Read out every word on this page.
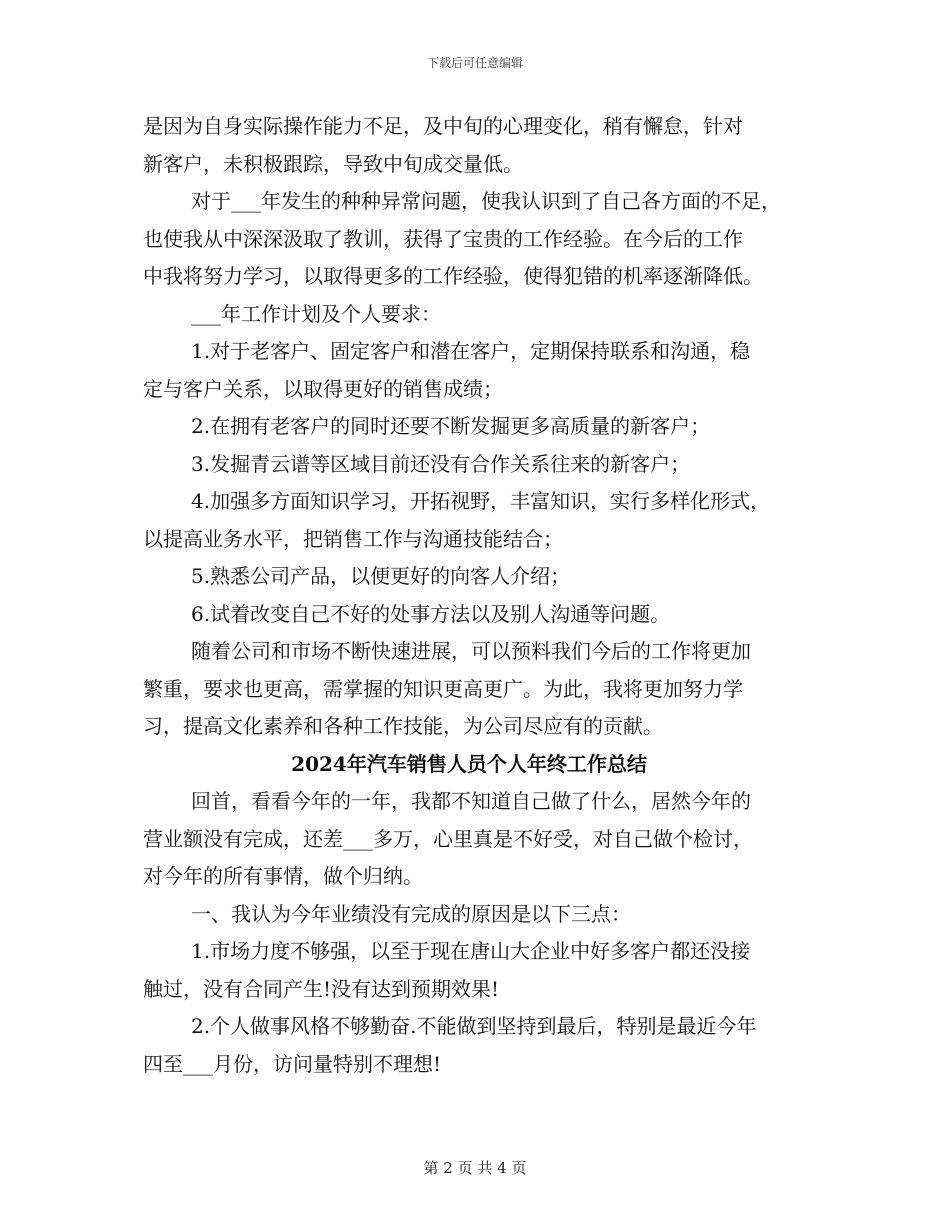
下载后可任意编辑
是因为自身实际操作能力不足，及中旬的心理变化，稍有懈怠，针对
新客户，未积极跟踪，导致中旬成交量低。
对于___年发生的种种异常问题，使我认识到了自己各方面的不足，
也使我从中深深汲取了教训，获得了宝贵的工作经验。在今后的工作
中我将努力学习，以取得更多的工作经验，使得犯错的机率逐渐降低。
___年工作计划及个人要求：
1.对于老客户、固定客户和潜在客户，定期保持联系和沟通，稳
定与客户关系，以取得更好的销售成绩；
2.在拥有老客户的同时还要不断发掘更多高质量的新客户；
3.发掘青云谱等区域目前还没有合作关系往来的新客户；
4.加强多方面知识学习，开拓视野，丰富知识，实行多样化形式，
以提高业务水平，把销售工作与沟通技能结合；
5.熟悉公司产品，以便更好的向客人介绍；
6.试着改变自己不好的处事方法以及别人沟通等问题。
随着公司和市场不断快速进展，可以预料我们今后的工作将更加
繁重，要求也更高，需掌握的知识更高更广。为此，我将更加努力学
习，提高文化素养和各种工作技能，为公司尽应有的贡献。
2024年汽车销售人员个人年终工作总结
回首，看看今年的一年，我都不知道自己做了什么，居然今年的
营业额没有完成，还差___多万，心里真是不好受，对自己做个检讨，
对今年的所有事情，做个归纳。
一、我认为今年业绩没有完成的原因是以下三点：
1.市场力度不够强，以至于现在唐山大企业中好多客户都还没接
触过，没有合同产生!没有达到预期效果!
2.个人做事风格不够勤奋.不能做到坚持到最后，特别是最近今年
四至___月份，访问量特别不理想!
第 2 页 共 4 页
